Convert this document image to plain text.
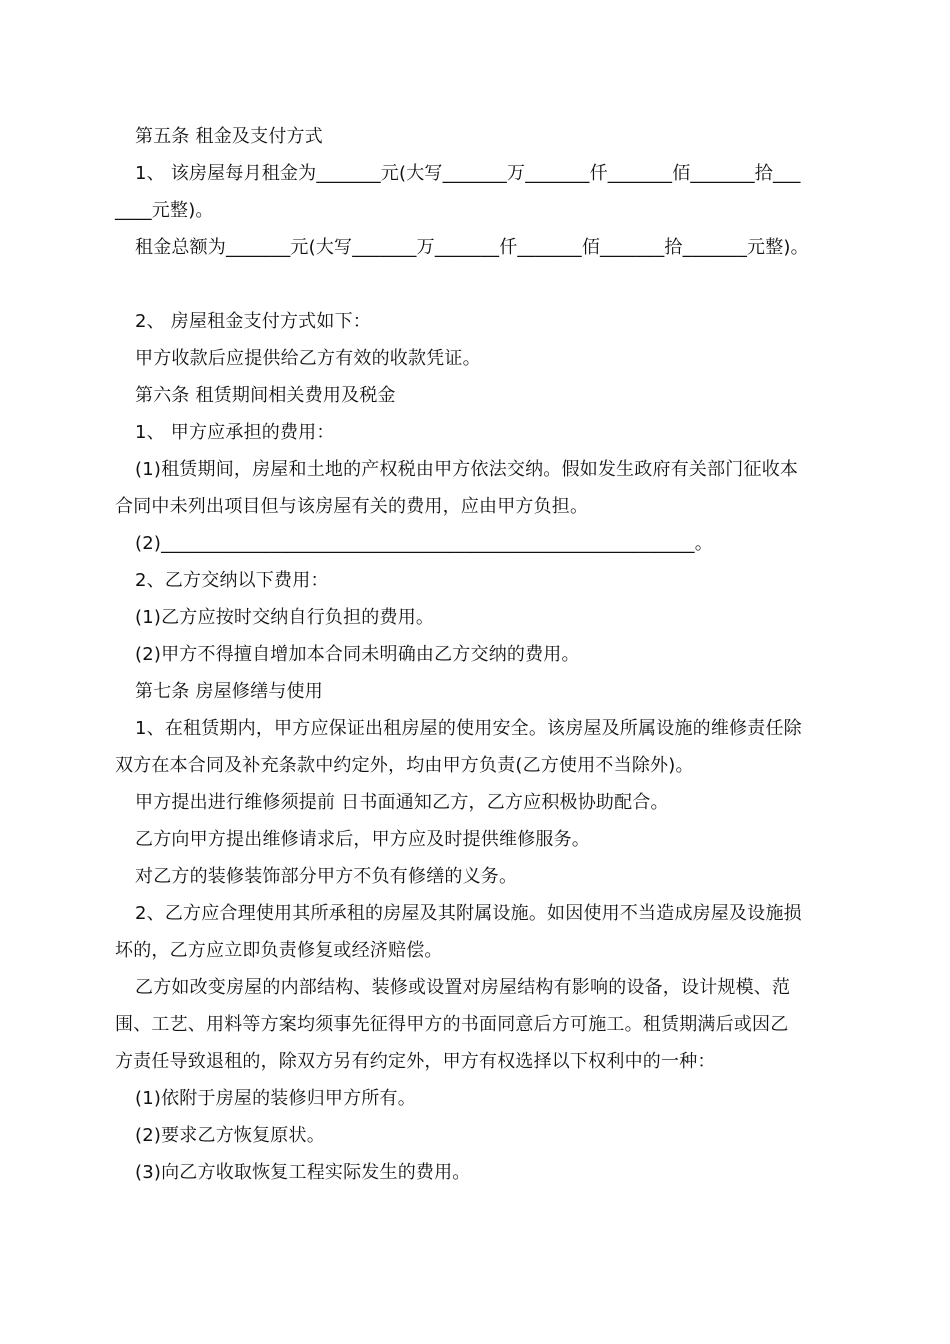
第五条 租金及支付方式
1、 该房屋每月租金为_______元(大写_______万_______仟_______佰_______拾___
____元整)。
租金总额为_______元(大写_______万_______仟_______佰_______拾_______元整)。
2、 房屋租金支付方式如下：
甲方收款后应提供给乙方有效的收款凭证。
第六条 租赁期间相关费用及税金
1、 甲方应承担的费用：
(1)租赁期间，房屋和土地的产权税由甲方依法交纳。假如发生政府有关部门征收本
合同中未列出项目但与该房屋有关的费用，应由甲方负担。
(2)__________________________________________________________。
2、乙方交纳以下费用：
(1)乙方应按时交纳自行负担的费用。
(2)甲方不得擅自增加本合同未明确由乙方交纳的费用。
第七条 房屋修缮与使用
1、在租赁期内，甲方应保证出租房屋的使用安全。该房屋及所属设施的维修责任除
双方在本合同及补充条款中约定外，均由甲方负责(乙方使用不当除外)。
甲方提出进行维修须提前 日书面通知乙方，乙方应积极协助配合。
乙方向甲方提出维修请求后，甲方应及时提供维修服务。
对乙方的装修装饰部分甲方不负有修缮的义务。
2、乙方应合理使用其所承租的房屋及其附属设施。如因使用不当造成房屋及设施损
坏的，乙方应立即负责修复或经济赔偿。
乙方如改变房屋的内部结构、装修或设置对房屋结构有影响的设备，设计规模、范
围、工艺、用料等方案均须事先征得甲方的书面同意后方可施工。租赁期满后或因乙
方责任导致退租的，除双方另有约定外，甲方有权选择以下权利中的一种：
(1)依附于房屋的装修归甲方所有。
(2)要求乙方恢复原状。
(3)向乙方收取恢复工程实际发生的费用。
